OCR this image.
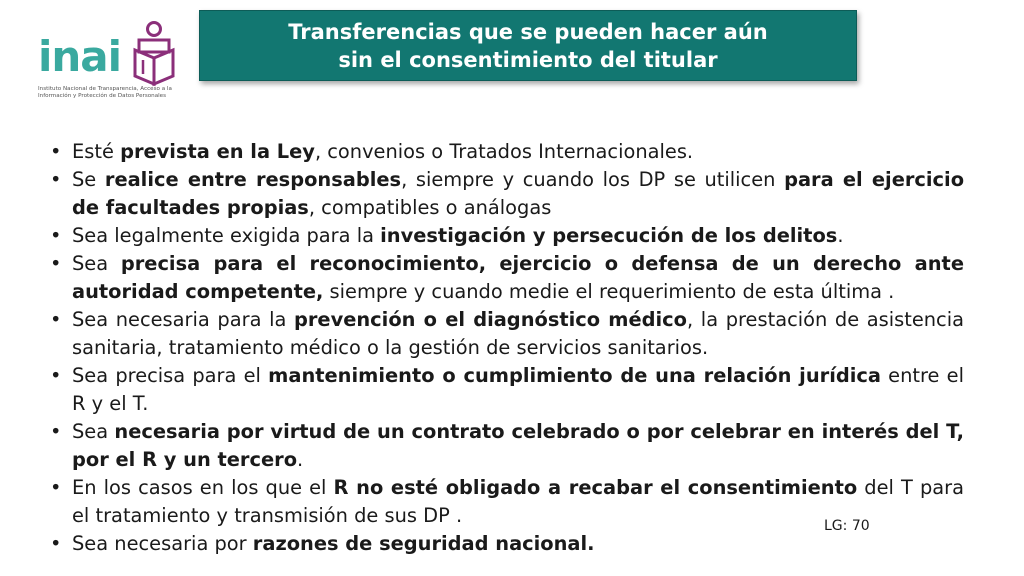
inai
Instituto Nacional de Transparencia, Acceso a la Información y Protección de Datos Personales
Transferencias que se pueden hacer aún
sin el consentimiento del titular
• Esté prevista en la Ley, convenios o Tratados Internacionales.
• Se realice entre responsables, siempre y cuando los DP se utilicen para el ejercicio de facultades propias, compatibles o análogas
• Sea legalmente exigida para la investigación y persecución de los delitos.
• Sea precisa para el reconocimiento, ejercicio o defensa de un derecho ante autoridad competente, siempre y cuando medie el requerimiento de esta última .
• Sea necesaria para la prevención o el diagnóstico médico, la prestación de asistencia sanitaria, tratamiento médico o la gestión de servicios sanitarios.
• Sea precisa para el mantenimiento o cumplimiento de una relación jurídica entre el R y el T.
• Sea necesaria por virtud de un contrato celebrado o por celebrar en interés del T, por el R y un tercero.
• En los casos en los que el R no esté obligado a recabar el consentimiento del T para el tratamiento y transmisión de sus DP .
• Sea necesaria por razones de seguridad nacional.
LG: 70
